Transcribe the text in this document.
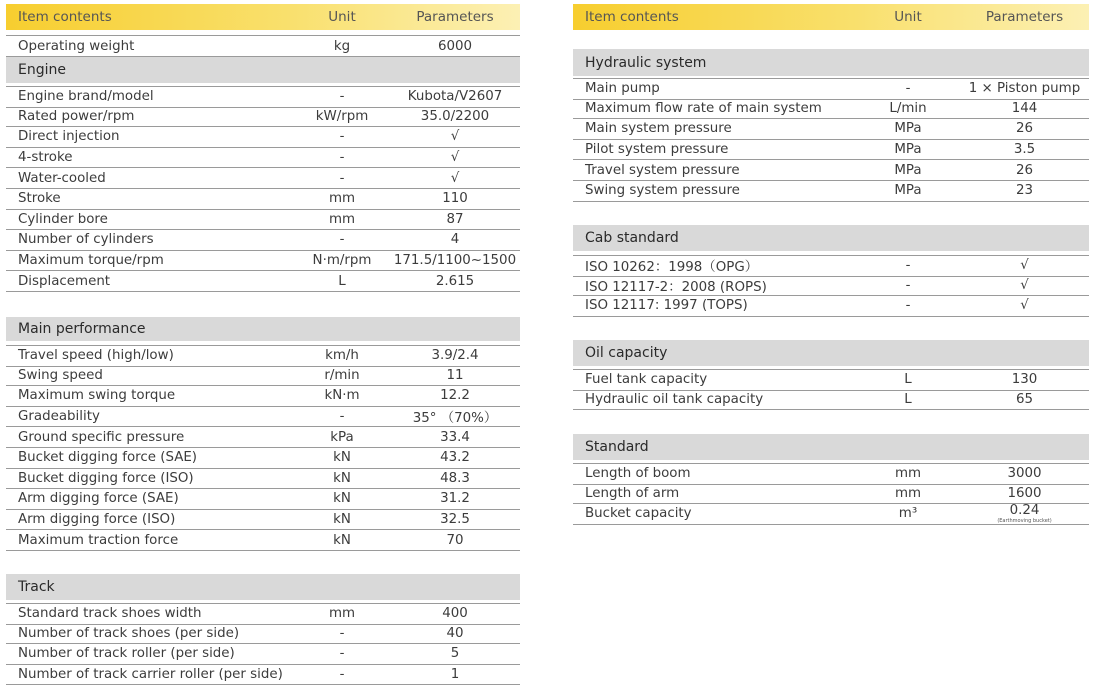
Item contents	Unit	Parameters
Operating weight	kg	6000
Engine
Engine brand/model	-	Kubota/V2607
Rated power/rpm	kW/rpm	35.0/2200
Direct injection	-	√
4-stroke	-	√
Water-cooled	-	√
Stroke	mm	110
Cylinder bore	mm	87
Number of cylinders	-	4
Maximum torque/rpm	N·m/rpm	171.5/1100~1500
Displacement	L	2.615
Main performance
Travel speed (high/low)	km/h	3.9/2.4
Swing speed	r/min	11
Maximum swing torque	kN·m	12.2
Gradeability	-	35° （70%）
Ground specific pressure	kPa	33.4
Bucket digging force (SAE)	kN	43.2
Bucket digging force (ISO)	kN	48.3
Arm digging force (SAE)	kN	31.2
Arm digging force (ISO)	kN	32.5
Maximum traction force	kN	70
Track
Standard track shoes width	mm	400
Number of track shoes (per side)	-	40
Number of track roller (per side)	-	5
Number of track carrier roller (per side)	-	1
Item contents	Unit	Parameters
Hydraulic system
Main pump	-	1 × Piston pump
Maximum flow rate of main system	L/min	144
Main system pressure	MPa	26
Pilot system pressure	MPa	3.5
Travel system pressure	MPa	26
Swing system pressure	MPa	23
Cab standard
ISO 10262：1998（OPG）	-	√
ISO 12117-2：2008 (ROPS)	-	√
ISO 12117: 1997 (TOPS)	-	√
Oil capacity
Fuel tank capacity	L	130
Hydraulic oil tank capacity	L	65
Standard
Length of boom	mm	3000
Length of arm	mm	1600
Bucket capacity	m³	0.24
(Earthmoving bucket)
